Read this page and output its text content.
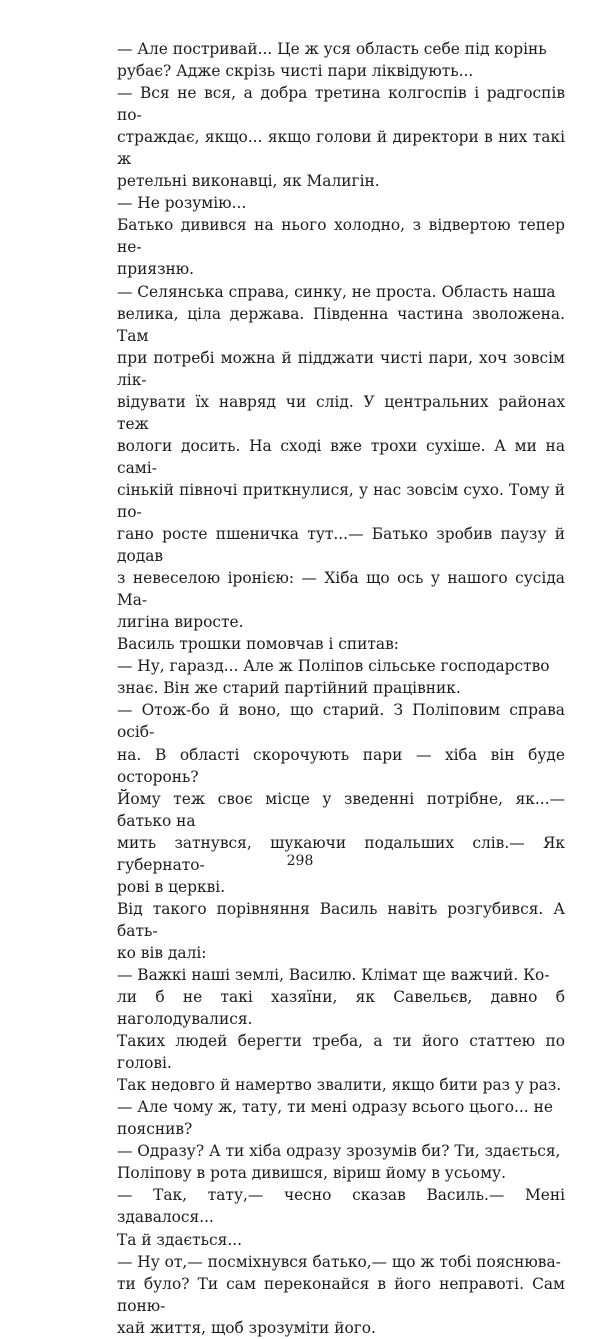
— Але постривай... Це ж уся область себе під корінь
рубає? Адже скрізь чисті пари ліквідують...

— Вся не вся, а добра третина колгоспів і радгоспів по-
страждає, якщо... якщо голови й директори в них такі ж
ретельні виконавці, як Малигін.

— Не розумію...

Батько дивився на нього холодно, з відвертою тепер не-
приязню.

— Селянська справа, синку, не проста. Область наша
велика, ціла держава. Південна частина зволожена. Там
при потребі можна й підджати чисті пари, хоч зовсім лік-
відувати їх навряд чи слід. У центральних районах теж
вологи досить. На сході вже трохи сухіше. А ми на самі-
сінькій півночі приткнулися, у нас зовсім сухо. Тому й по-
гано росте пшеничка тут...— Батько зробив паузу й додав
з невеселою іронією: — Хіба що ось у нашого сусіда Ма-
лигіна виросте.

Василь трошки помовчав і спитав:

— Ну, гаразд... Але ж Поліпов сільське господарство
знає. Він же старий партійний працівник.

— Отож-бо й воно, що старий. З Поліповим справа осіб-
на. В області скорочують пари — хіба він буде осторонь?
Йому теж своє місце у зведенні потрібне, як...— батько на
мить затнувся, шукаючи подальших слів.— Як губернато-
рові в церкві.

Від такого порівняння Василь навіть розгубився. А бать-
ко вів далі:

— Важкі наші землі, Василю. Клімат ще важчий. Ко-
ли б не такі хазяїни, як Савельєв, давно б наголодувалися.
Таких людей берегти треба, а ти його статтею по голові.
Так недовго й намертво звалити, якщо бити раз у раз.

— Але чому ж, тату, ти мені одразу всього цього... не
пояснив?

— Одразу? А ти хіба одразу зрозумів би? Ти, здається,
Поліпову в рота дивишся, віриш йому в усьому.

— Так, тату,— чесно сказав Василь.— Мені здавалося...
Та й здається...

— Ну от,— посміхнувся батько,— що ж тобі пояснюва-
ти було? Ти сам переконайся в його неправоті. Сам поню-
хай життя, щоб зрозуміти його.

298
